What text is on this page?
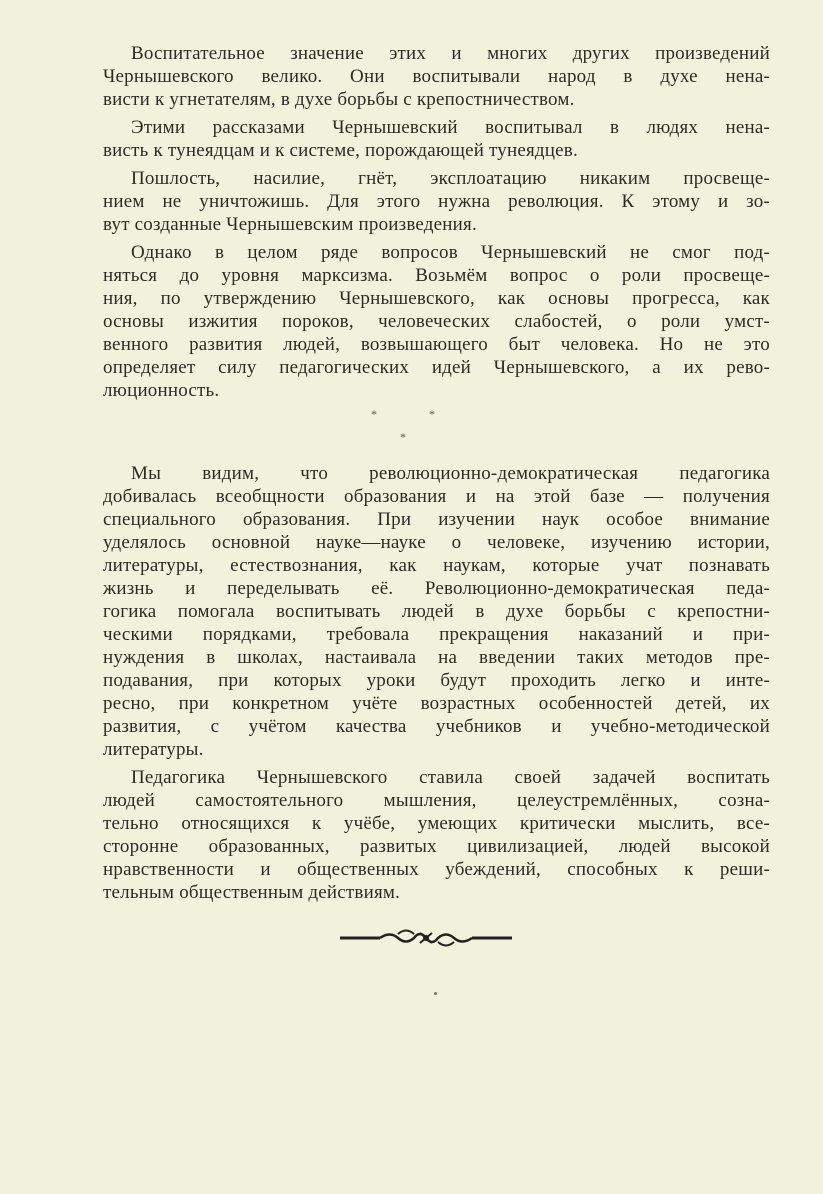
Воспитательное значение этих и многих других произведений
Чернышевского велико. Они воспитывали народ в духе нена-
висти к угнетателям, в духе борьбы с крепостничеством.
Этими рассказами Чернышевский воспитывал в людях нена-
висть к тунеядцам и к системе, порождающей тунеядцев.
Пошлость, насилие, гнёт, эксплоатацию никаким просвеще-
нием не уничтожишь. Для этого нужна революция. К этому и зо-
вут созданные Чернышевским произведения.
Однако в целом ряде вопросов Чернышевский не смог под-
няться до уровня марксизма. Возьмём вопрос о роли просвеще-
ния, по утверждению Чернышевского, как основы прогресса, как
основы изжития пороков, человеческих слабостей, о роли умст-
венного развития людей, возвышающего быт человека. Но не это
определяет силу педагогических идей Чернышевского, а их рево-
люционность.
*	*
*
Мы видим, что революционно-демократическая педагогика
добивалась всеобщности образования и на этой базе — получения
специального образования. При изучении наук особое внимание
уделялось основной науке—науке о человеке, изучению истории,
литературы, естествознания, как наукам, которые учат познавать
жизнь и переделывать её. Революционно-демократическая педа-
гогика помогала воспитывать людей в духе борьбы с крепостни-
ческими порядками, требовала прекращения наказаний и при-
нуждения в школах, настаивала на введении таких методов пре-
подавания, при которых уроки будут проходить легко и инте-
ресно, при конкретном учёте возрастных особенностей детей, их
развития, с учётом качества учебников и учебно-методической
литературы.
Педагогика Чернышевского ставила своей задачей воспитать
людей самостоятельного мышления, целеустремлённых, созна-
тельно относящихся к учёбе, умеющих критически мыслить, все-
сторонне образованных, развитых цивилизацией, людей высокой
нравственности и общественных убеждений, способных к реши-
тельным общественным действиям.
